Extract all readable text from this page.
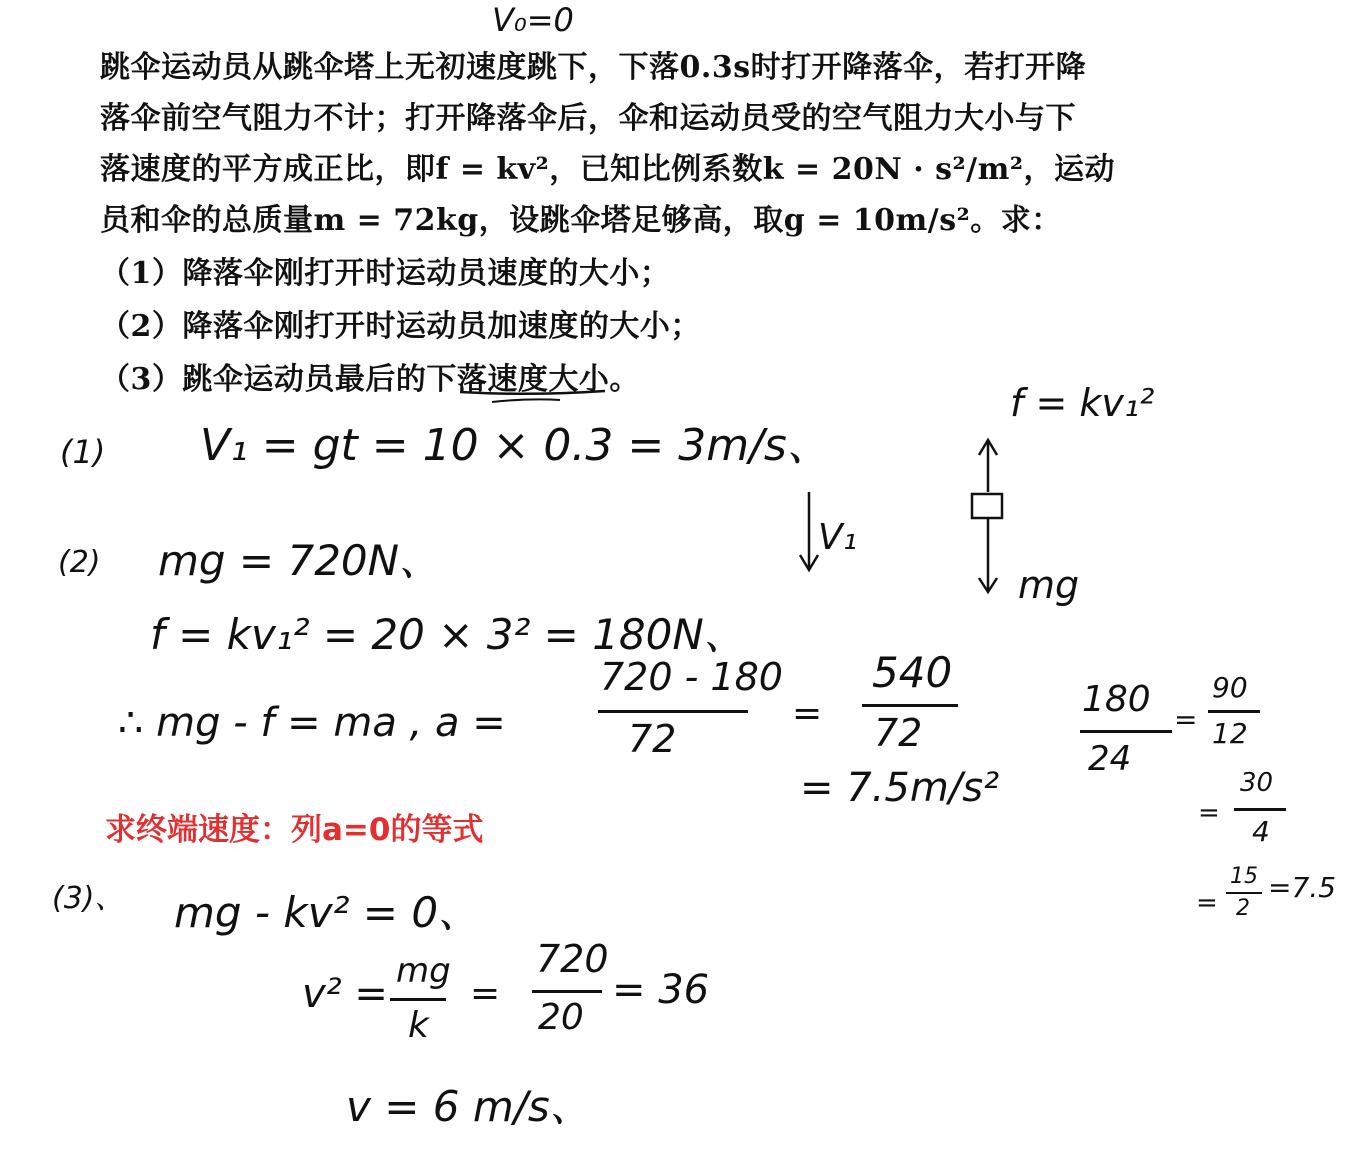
V₀=0
跳伞运动员从跳伞塔上无初速度跳下，下落0.3s时打开降落伞，若打开降
落伞前空气阻力不计；打开降落伞后，伞和运动员受的空气阻力大小与下
落速度的平方成正比，即f = kv²，已知比例系数k = 20N · s²/m²，运动
员和伞的总质量m = 72kg，设跳伞塔足够高，取g = 10m/s²。求：
（1）降落伞刚打开时运动员速度的大小；
（2）降落伞刚打开时运动员加速度的大小；
（3）跳伞运动员最后的下落速度大小。
(1) V₁ = gt = 10 × 0.3 = 3m/s、
(2) mg = 720N、
f = kv₁² = 20 × 3² = 180N、
∴ mg - f = ma , a =
720 - 180
72
=
540
72
= 7.5m/s²
f = kv₁²
mg
V₁
180
24
=
90
12
=
30
4
=
15
2
=7.5
求终端速度：列a=0的等式
(3)、 mg - kv² = 0、
v² = mg
k
=
720
20
= 36
v = 6 m/s、
